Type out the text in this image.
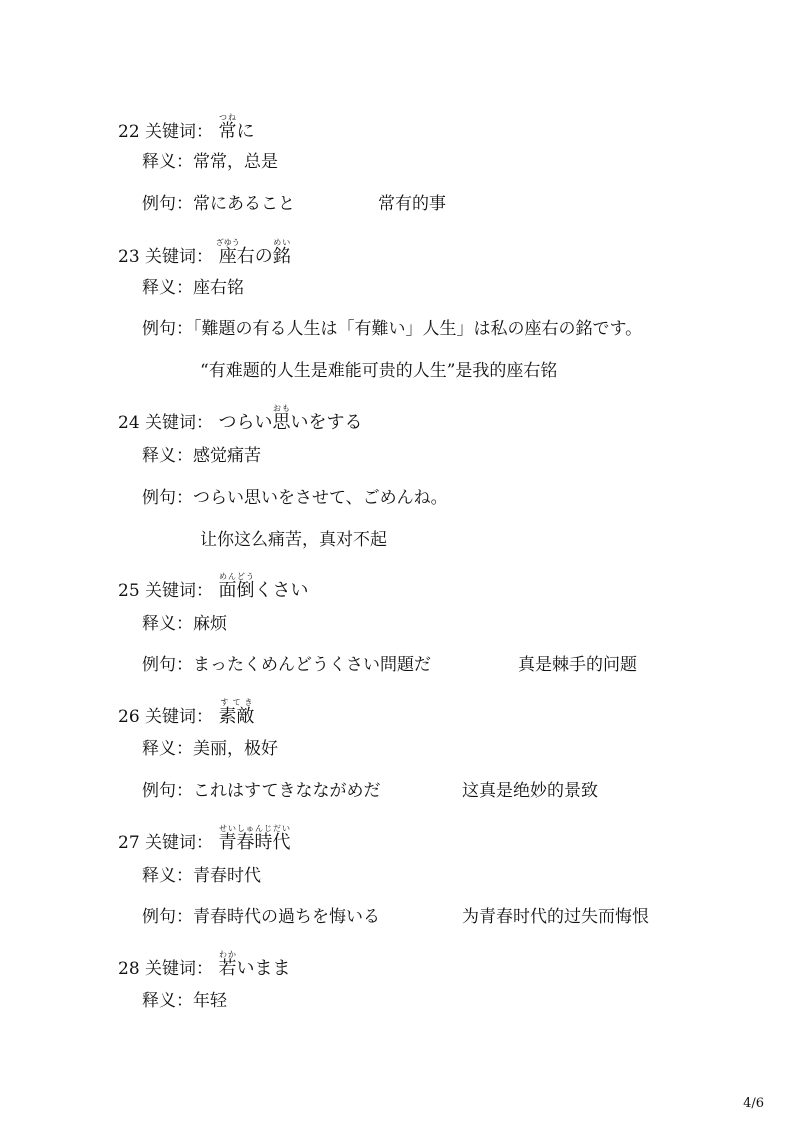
22 关键词： 常つねに
释义：常常，总是
例句：常にあること	常有的事
23 关键词： 座ざゆう右の銘めい
释义：座右铭
例句：「難題の有る人生は「有難い」人生」は私の座右の銘です。
“有难题的人生是难能可贵的人生”是我的座右铭
24 关键词： つらい思おもいをする
释义：感觉痛苦
例句：つらい思いをさせて、ごめんね。
让你这么痛苦，真对不起
25 关键词： 面倒めんどうくさい
释义：麻烦
例句：まったくめんどうくさい問題だ	真是棘手的问题
26 关键词： 素敵すてき
释义：美丽，极好
例句：これはすてきなながめだ	这真是绝妙的景致
27 关键词： 青春時代せいしゅんじだい
释义：青春时代
例句：青春時代の過ちを悔いる	为青春时代的过失而悔恨
28 关键词： 若わかいまま
释义：年轻
4/6
